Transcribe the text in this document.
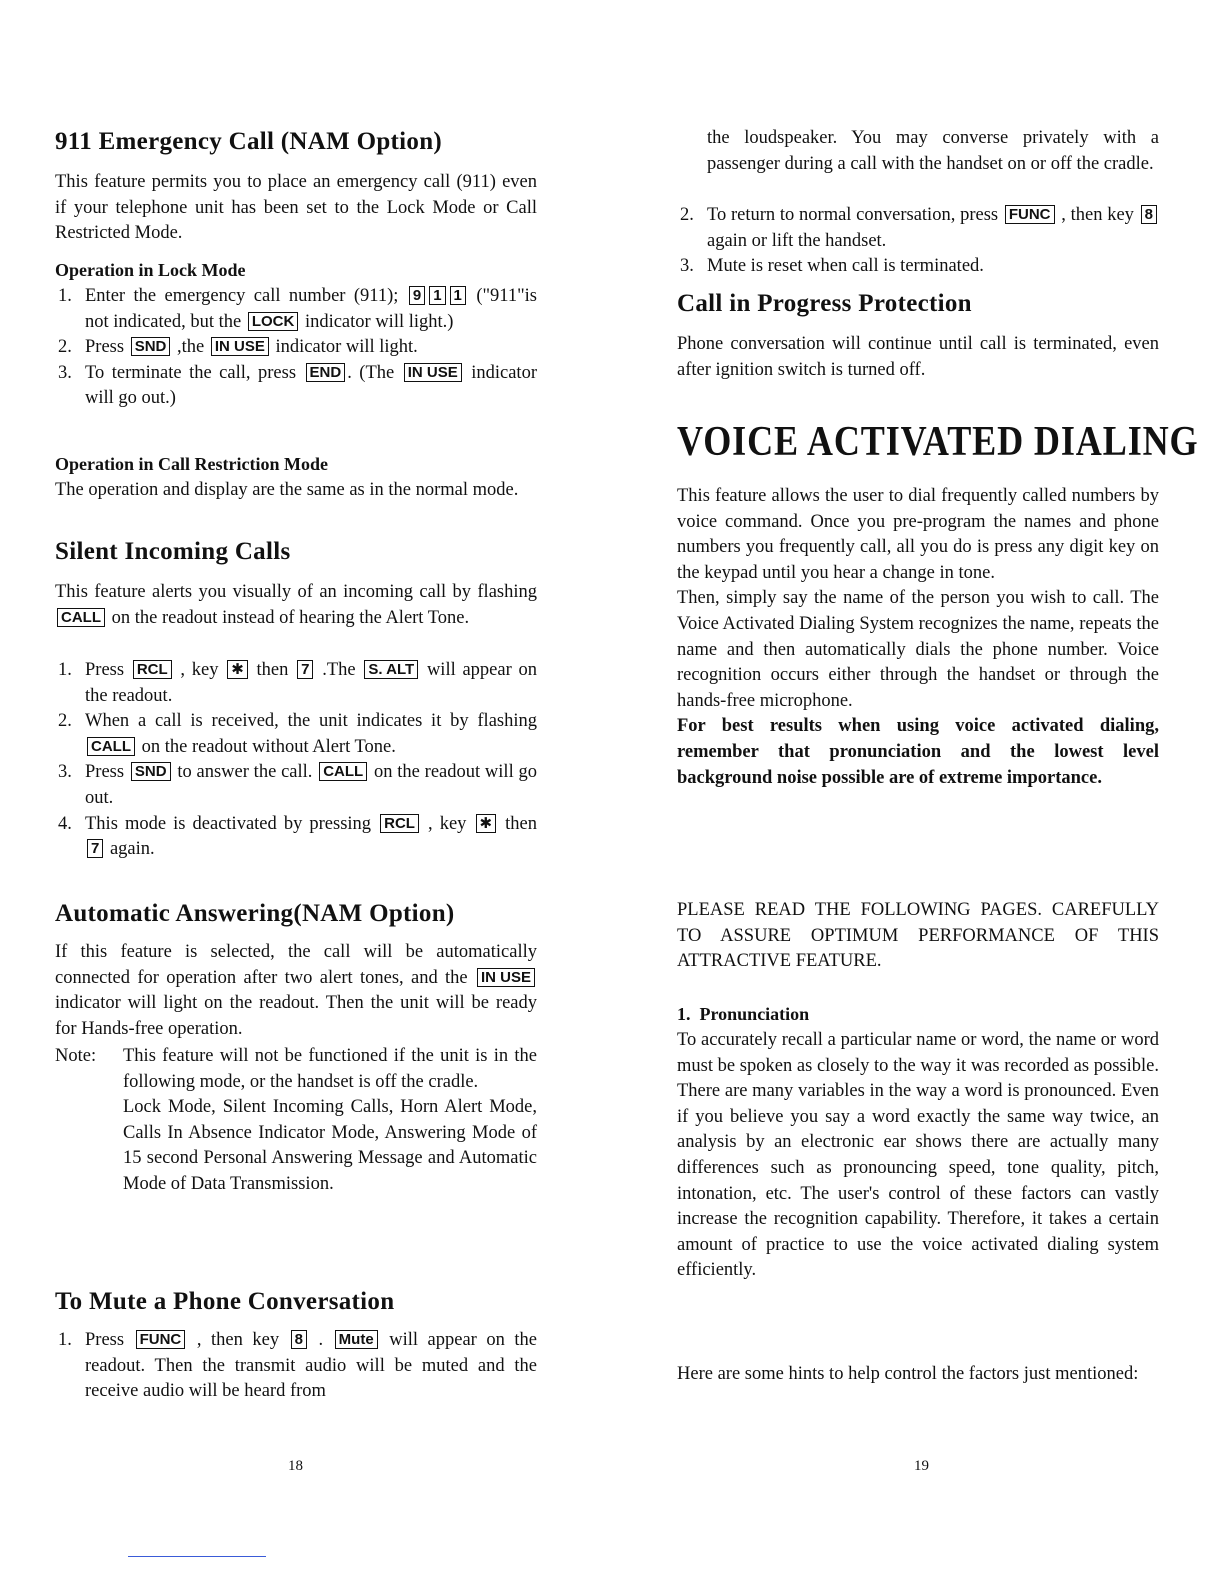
911 Emergency Call (NAM Option)
This feature permits you to place an emergency call (911) even if your telephone unit has been set to the Lock Mode or Call Restricted Mode.
Operation in Lock Mode
1. Enter the emergency call number (911); 9 1 1 ("911"is not indicated, but the LOCK indicator will light.)
2. Press SND ,the IN USE indicator will light.
3. To terminate the call, press END . (The IN USE indicator will go out.)
Operation in Call Restriction Mode
The operation and display are the same as in the normal mode.
Silent Incoming Calls
This feature alerts you visually of an incoming call by flashing CALL on the readout instead of hearing the Alert Tone.
1. Press RCL , key ✱ then 7 .The S. ALT will appear on the readout.
2. When a call is received, the unit indicates it by flashing CALL on the readout without Alert Tone.
3. Press SND to answer the call. CALL on the readout will go out.
4. This mode is deactivated by pressing RCL , key ✱ then 7 again.
Automatic Answering(NAM Option)
If this feature is selected, the call will be automatically connected for operation after two alert tones, and the IN USE indicator will light on the readout. Then the unit will be ready for Hands-free operation.
Note:	This feature will not be functioned if the unit is in the following mode, or the handset is off the cradle.
Lock Mode, Silent Incoming Calls, Horn Alert Mode, Calls In Absence Indicator Mode, Answering Mode of 15 second Personal Answering Message and Automatic Mode of Data Transmission.
To Mute a Phone Conversation
1. Press FUNC , then key 8 . Mute will appear on the readout. Then the transmit audio will be muted and the receive audio will be heard from
the loudspeaker. You may converse privately with a passenger during a call with the handset on or off the cradle.
2. To return to normal conversation, press FUNC , then key 8 again or lift the handset.
3. Mute is reset when call is terminated.
Call in Progress Protection
Phone conversation will continue until call is terminated, even after ignition switch is turned off.
VOICE ACTIVATED DIALING
This feature allows the user to dial frequently called numbers by voice command. Once you pre-program the names and phone numbers you frequently call, all you do is press any digit key on the keypad until you hear a change in tone.
Then, simply say the name of the person you wish to call. The Voice Activated Dialing System recognizes the name, repeats the name and then automatically dials the phone number. Voice recognition occurs either through the handset or through the hands-free microphone.
For best results when using voice activated dialing, remember that pronunciation and the lowest level background noise possible are of extreme importance.
PLEASE READ THE FOLLOWING PAGES. CAREFULLY TO ASSURE OPTIMUM PERFORMANCE OF THIS ATTRACTIVE FEATURE.
1. Pronunciation
To accurately recall a particular name or word, the name or word must be spoken as closely to the way it was recorded as possible. There are many variables in the way a word is pronounced. Even if you believe you say a word exactly the same way twice, an analysis by an electronic ear shows there are actually many differences such as pronouncing speed, tone quality, pitch, intonation, etc. The user's control of these factors can vastly increase the recognition capability. Therefore, it takes a certain amount of practice to use the voice activated dialing system efficiently.
Here are some hints to help control the factors just mentioned:
18	19
